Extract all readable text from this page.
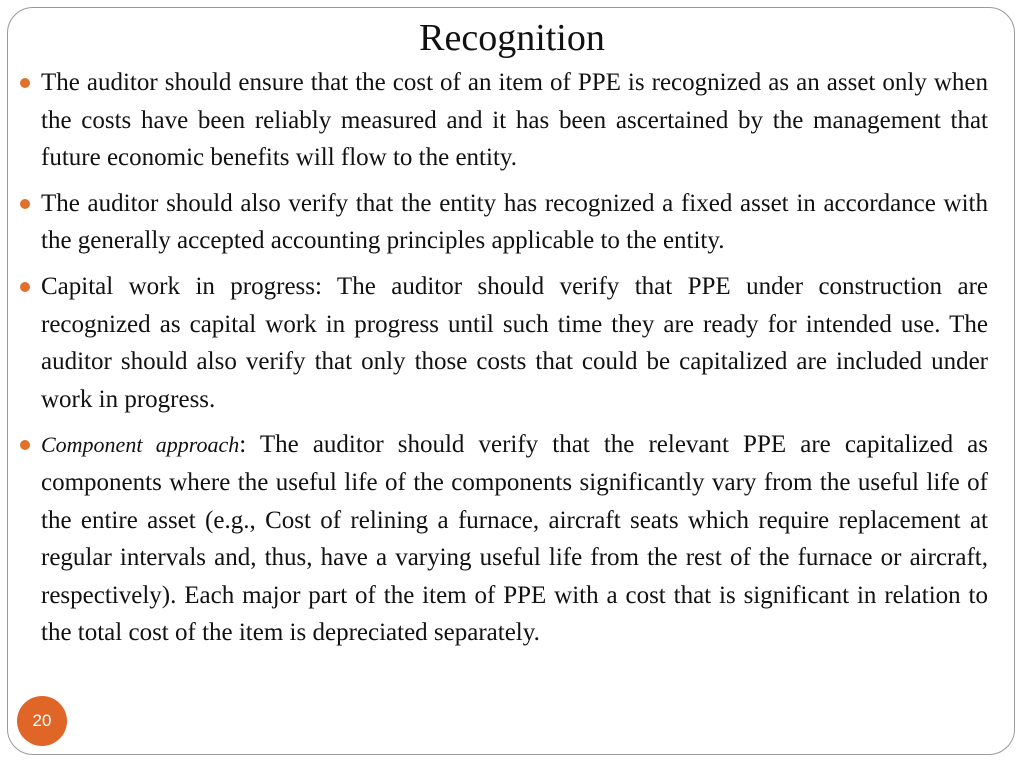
Recognition
The auditor should ensure that the cost of an item of PPE is recognized as an asset only when the costs have been reliably measured and it has been ascertained by the management that future economic benefits will flow to the entity.
The auditor should also verify that the entity has recognized a fixed asset in accordance with the generally accepted accounting principles applicable to the entity.
Capital work in progress: The auditor should verify that PPE under construction are recognized as capital work in progress until such time they are ready for intended use. The auditor should also verify that only those costs that could be capitalized are included under work in progress.
Component approach: The auditor should verify that the relevant PPE are capitalized as components where the useful life of the components significantly vary from the useful life of the entire asset (e.g., Cost of relining a furnace, aircraft seats which require replacement at regular intervals and, thus, have a varying useful life from the rest of the furnace or aircraft, respectively). Each major part of the item of PPE with a cost that is significant in relation to the total cost of the item is depreciated separately.
20
